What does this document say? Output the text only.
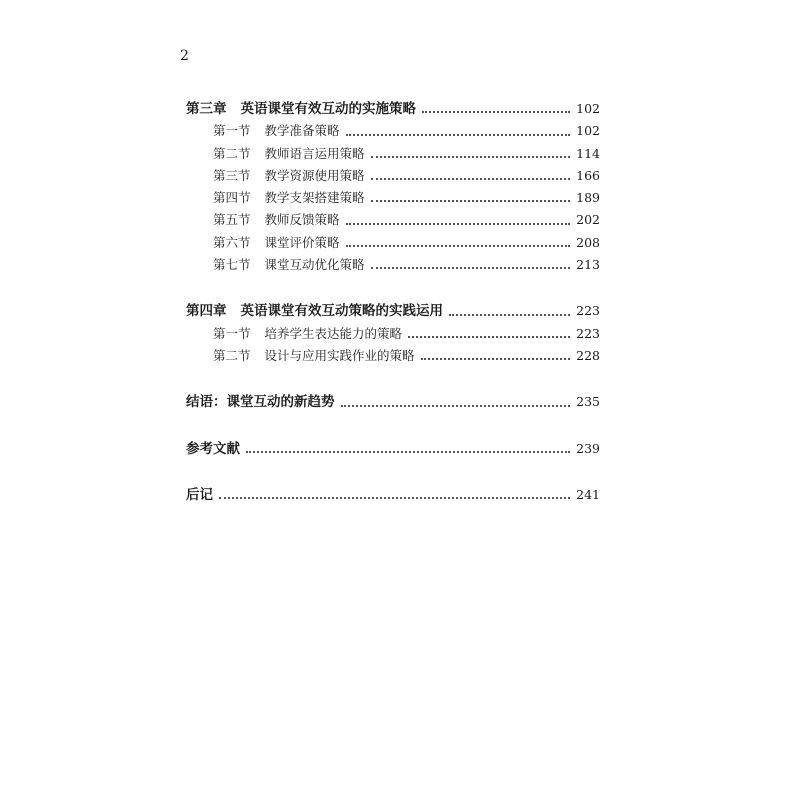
2
第三章 英语课堂有效互动的实施策略	102
第一节 教学准备策略	102
第二节 教师语言运用策略	114
第三节 教学资源使用策略	166
第四节 教学支架搭建策略	189
第五节 教师反馈策略	202
第六节 课堂评价策略	208
第七节 课堂互动优化策略	213
第四章 英语课堂有效互动策略的实践运用	223
第一节 培养学生表达能力的策略	223
第二节 设计与应用实践作业的策略	228
结语：课堂互动的新趋势	235
参考文献	239
后记	241
